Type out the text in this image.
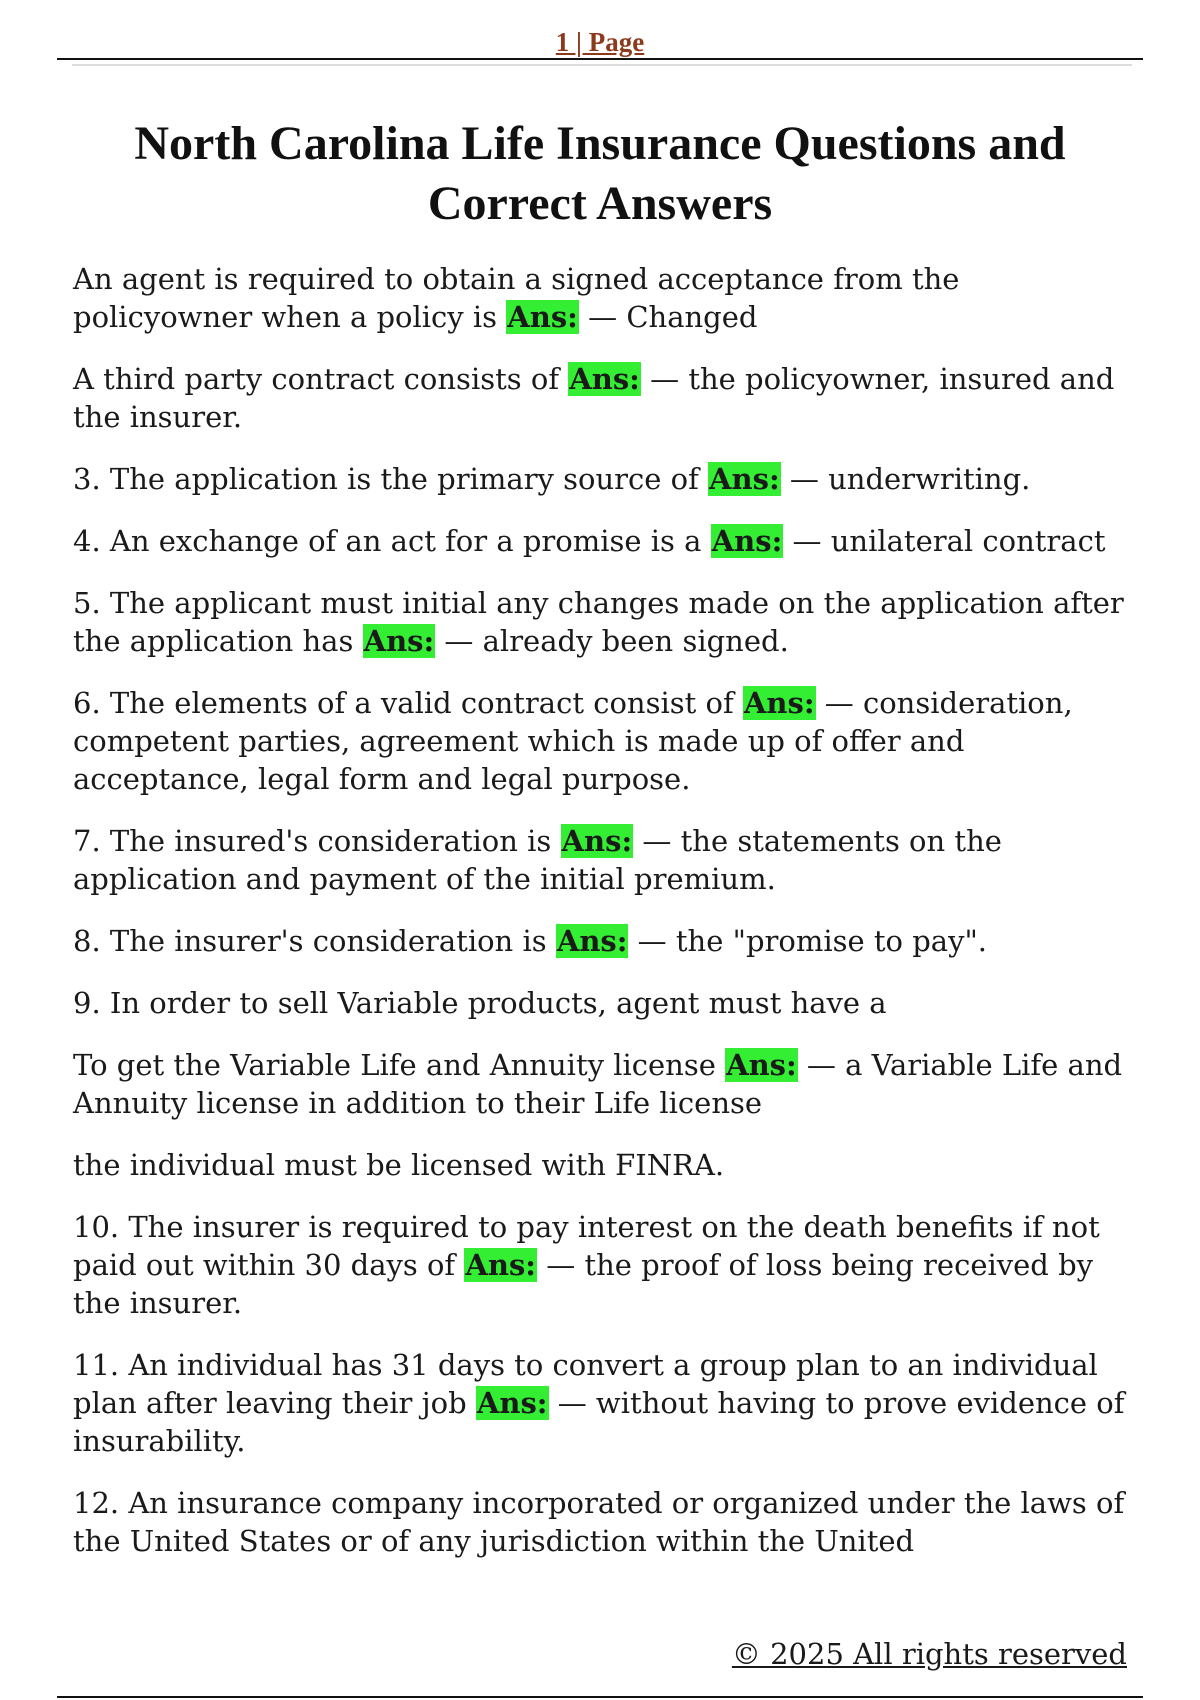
1 | Page
North Carolina Life Insurance Questions and Correct Answers
An agent is required to obtain a signed acceptance from the policyowner when a policy is Ans: — Changed
A third party contract consists of Ans: — the policyowner, insured and the insurer.
3. The application is the primary source of Ans: — underwriting.
4. An exchange of an act for a promise is a Ans: — unilateral contract
5. The applicant must initial any changes made on the application after the application has Ans: — already been signed.
6. The elements of a valid contract consist of Ans: — consideration, competent parties, agreement which is made up of offer and acceptance, legal form and legal purpose.
7. The insured's consideration is Ans: — the statements on the application and payment of the initial premium.
8. The insurer's consideration is Ans: — the "promise to pay".
9. In order to sell Variable products, agent must have a
To get the Variable Life and Annuity license Ans: — a Variable Life and Annuity license in addition to their Life license
the individual must be licensed with FINRA.
10. The insurer is required to pay interest on the death benefits if not paid out within 30 days of Ans: — the proof of loss being received by the insurer.
11. An individual has 31 days to convert a group plan to an individual plan after leaving their job Ans: — without having to prove evidence of insurability.
12. An insurance company incorporated or organized under the laws of the United States or of any jurisdiction within the United
© 2025 All rights reserved
